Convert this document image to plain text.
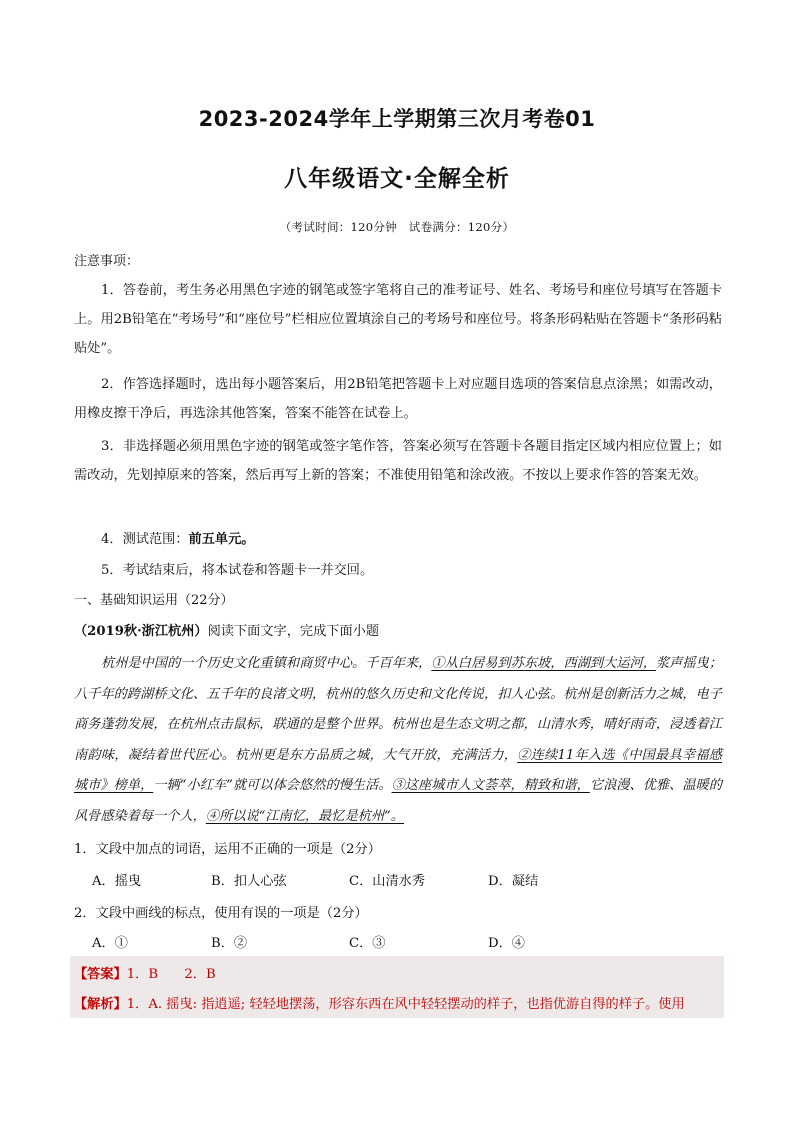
2023-2024学年上学期第三次月考卷01
八年级语文·全解全析
（考试时间：120分钟　试卷满分：120分）
注意事项：
1．答卷前，考生务必用黑色字迹的钢笔或签字笔将自己的准考证号、姓名、考场号和座位号填写在答题卡上。用2B铅笔在“考场号”和“座位号”栏相应位置填涂自己的考场号和座位号。将条形码粘贴在答题卡“条形码粘贴处”。
2．作答选择题时，选出每小题答案后，用2B铅笔把答题卡上对应题目选项的答案信息点涂黑；如需改动，用橡皮擦干净后，再选涂其他答案，答案不能答在试卷上。
3．非选择题必须用黑色字迹的钢笔或签字笔作答，答案必须写在答题卡各题目指定区域内相应位置上；如需改动，先划掉原来的答案，然后再写上新的答案；不准使用铅笔和涂改液。不按以上要求作答的答案无效。
4．测试范围：前五单元。
5．考试结束后，将本试卷和答题卡一并交回。
一、基础知识运用（22分）
（2019秋·浙江杭州）阅读下面文字，完成下面小题
杭州是中国的一个历史文化重镇和商贸中心。千百年来，①从白居易到苏东坡，西湖到大运河，浆声摇曳；八千年的跨湖桥文化、五千年的良渚文明，杭州的悠久历史和文化传说，扣人心弦。杭州是创新活力之城，电子商务蓬勃发展，在杭州点击鼠标，联通的是整个世界。杭州也是生态文明之都，山清水秀，晴好雨奇，浸透着江南韵味，凝结着世代匠心。杭州更是东方品质之城，大气开放，充满活力，②连续11年入选《中国最具幸福感城市》榜单，一辆“小红车”就可以体会悠然的慢生活。③这座城市人文荟萃，精致和谐，它浪漫、优雅、温暖的风骨感染着每一个人，④所以说“江南忆，最忆是杭州”。
1．文段中加点的词语，运用不正确的一项是（2分）
A．摇曳	B．扣人心弦	C．山清水秀	D．凝结
2．文段中画线的标点，使用有误的一项是（2分）
A．①	B．②	C．③	D．④
【答案】1．B　　2．B
【解析】1．A. 摇曳: 指逍遥; 轻轻地摆荡，形容东西在风中轻轻摆动的样子，也指优游自得的样子。使用
